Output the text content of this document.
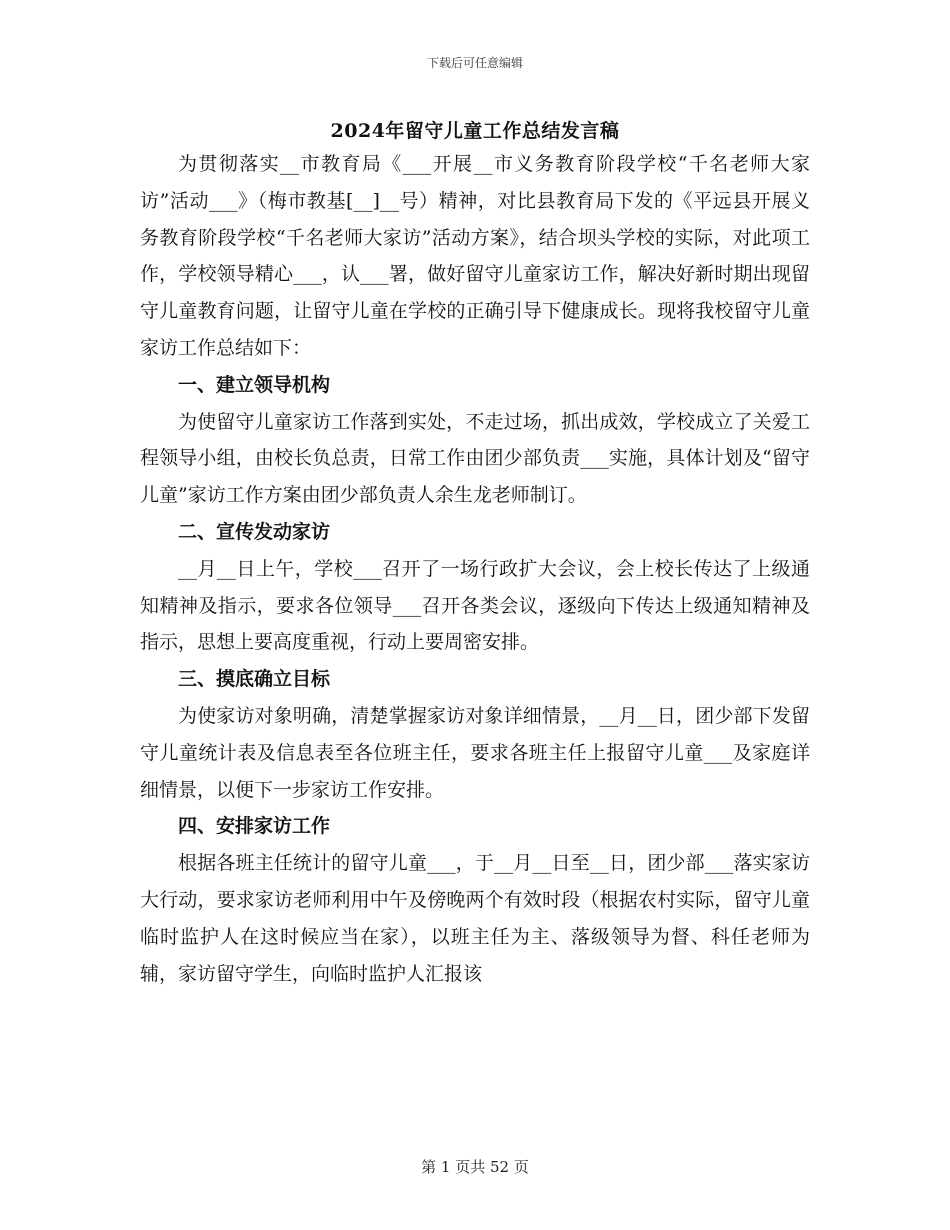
下载后可任意编辑
2024年留守儿童工作总结发言稿

为贯彻落实__市教育局《___开展__市义务教育阶段学校“千名老师大家访”活动___》（梅市教基[__]__号）精神，对比县教育局下发的《平远县开展义务教育阶段学校“千名老师大家访”活动方案》，结合坝头学校的实际，对此项工作，学校领导精心___，认___署，做好留守儿童家访工作，解决好新时期出现留守儿童教育问题，让留守儿童在学校的正确引导下健康成长。现将我校留守儿童家访工作总结如下：

一、建立领导机构

为使留守儿童家访工作落到实处，不走过场，抓出成效，学校成立了关爱工程领导小组，由校长负总责，日常工作由团少部负责___实施，具体计划及“留守儿童”家访工作方案由团少部负责人余生龙老师制订。

二、宣传发动家访

__月__日上午，学校___召开了一场行政扩大会议，会上校长传达了上级通知精神及指示，要求各位领导___召开各类会议，逐级向下传达上级通知精神及指示，思想上要高度重视，行动上要周密安排。

三、摸底确立目标

为使家访对象明确，清楚掌握家访对象详细情景，__月__日，团少部下发留守儿童统计表及信息表至各位班主任，要求各班主任上报留守儿童___及家庭详细情景，以便下一步家访工作安排。

四、安排家访工作

根据各班主任统计的留守儿童___，于__月__日至__日，团少部___落实家访大行动，要求家访老师利用中午及傍晚两个有效时段（根据农村实际，留守儿童临时监护人在这时候应当在家），以班主任为主、落级领导为督、科任老师为辅，家访留守学生，向临时监护人汇报该

第 1 页共 52 页
